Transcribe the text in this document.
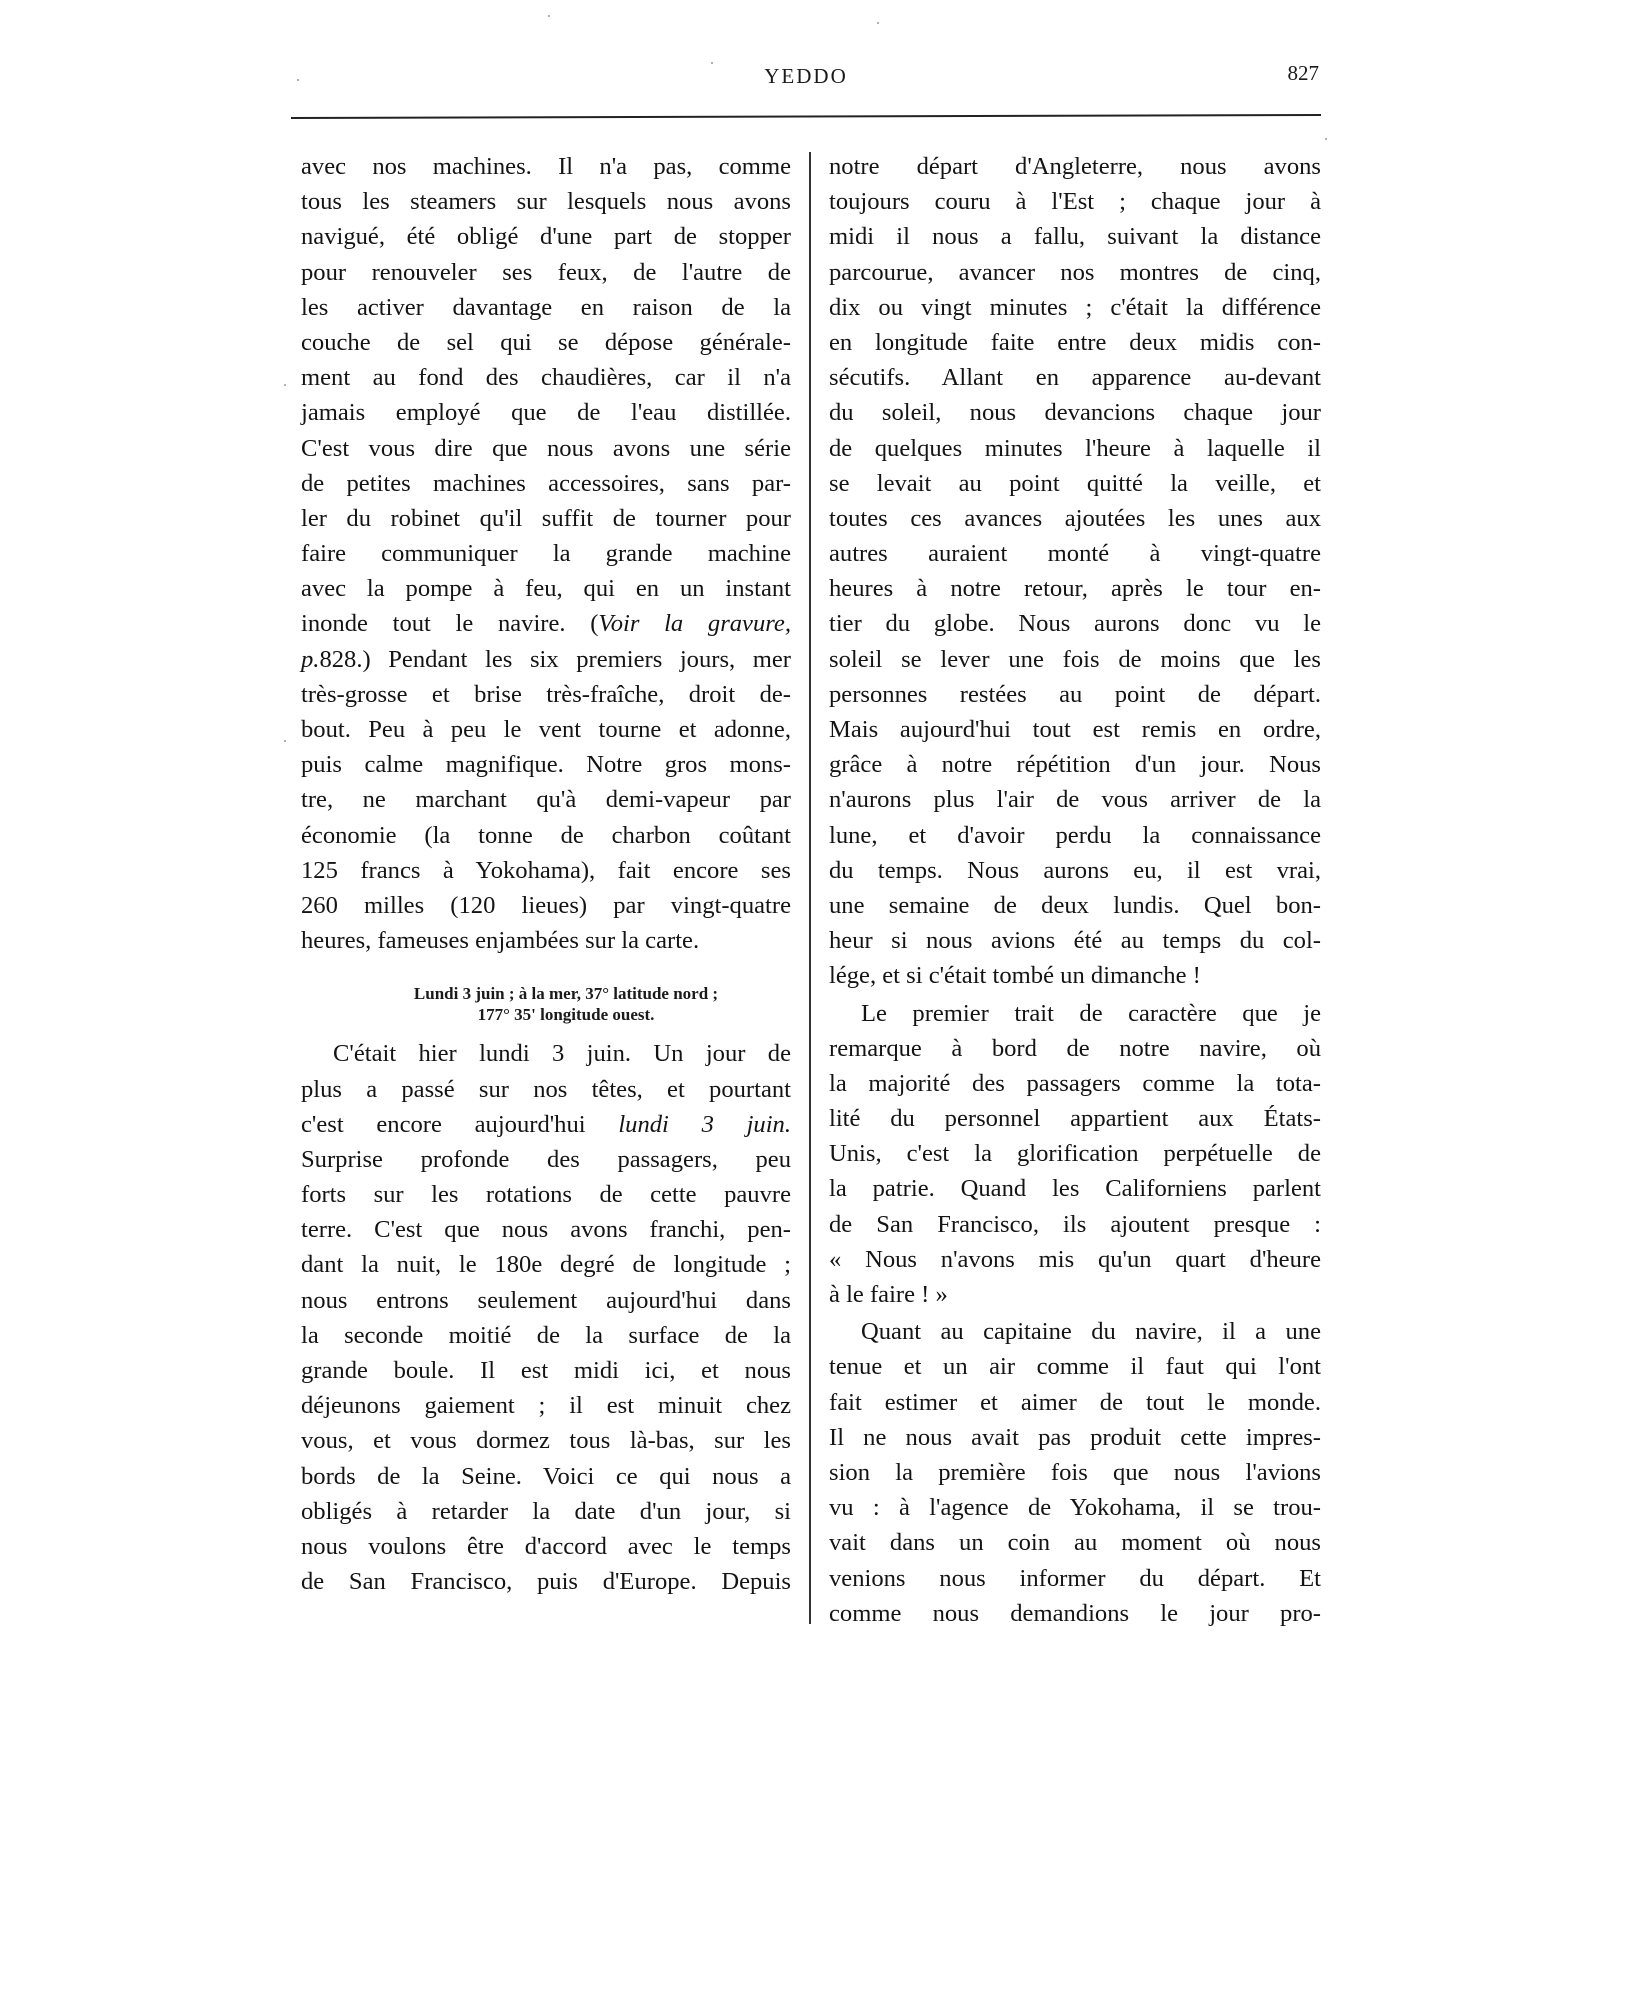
YEDDO	827
avec nos machines. Il n'a pas, comme
tous les steamers sur lesquels nous avons
navigué, été obligé d'une part de stopper
pour renouveler ses feux, de l'autre de
les activer davantage en raison de la
couche de sel qui se dépose générale-
ment au fond des chaudières, car il n'a
jamais employé que de l'eau distillée.
C'est vous dire que nous avons une série
de petites machines accessoires, sans par-
ler du robinet qu'il suffit de tourner pour
faire communiquer la grande machine
avec la pompe à feu, qui en un instant
inonde tout le navire. (Voir la gravure,
p.828.) Pendant les six premiers jours, mer
très-grosse et brise très-fraîche, droit de-
bout. Peu à peu le vent tourne et adonne,
puis calme magnifique. Notre gros mons-
tre, ne marchant qu'à demi-vapeur par
économie (la tonne de charbon coûtant
125 francs à Yokohama), fait encore ses
260 milles (120 lieues) par vingt-quatre
heures, fameuses enjambées sur la carte.
Lundi 3 juin ; à la mer, 37° latitude nord ;
177° 35' longitude ouest.
C'était hier lundi 3 juin. Un jour de
plus a passé sur nos têtes, et pourtant
c'est encore aujourd'hui lundi 3 juin.
Surprise profonde des passagers, peu
forts sur les rotations de cette pauvre
terre. C'est que nous avons franchi, pen-
dant la nuit, le 180e degré de longitude ;
nous entrons seulement aujourd'hui dans
la seconde moitié de la surface de la
grande boule. Il est midi ici, et nous
déjeunons gaiement ; il est minuit chez
vous, et vous dormez tous là-bas, sur les
bords de la Seine. Voici ce qui nous a
obligés à retarder la date d'un jour, si
nous voulons être d'accord avec le temps
de San Francisco, puis d'Europe. Depuis
notre départ d'Angleterre, nous avons
toujours couru à l'Est ; chaque jour à
midi il nous a fallu, suivant la distance
parcourue, avancer nos montres de cinq,
dix ou vingt minutes ; c'était la différence
en longitude faite entre deux midis con-
sécutifs. Allant en apparence au-devant
du soleil, nous devancions chaque jour
de quelques minutes l'heure à laquelle il
se levait au point quitté la veille, et
toutes ces avances ajoutées les unes aux
autres auraient monté à vingt-quatre
heures à notre retour, après le tour en-
tier du globe. Nous aurons donc vu le
soleil se lever une fois de moins que les
personnes restées au point de départ.
Mais aujourd'hui tout est remis en ordre,
grâce à notre répétition d'un jour. Nous
n'aurons plus l'air de vous arriver de la
lune, et d'avoir perdu la connaissance
du temps. Nous aurons eu, il est vrai,
une semaine de deux lundis. Quel bon-
heur si nous avions été au temps du col-
lége, et si c'était tombé un dimanche !
Le premier trait de caractère que je
remarque à bord de notre navire, où
la majorité des passagers comme la tota-
lité du personnel appartient aux États-
Unis, c'est la glorification perpétuelle de
la patrie. Quand les Californiens parlent
de San Francisco, ils ajoutent presque :
« Nous n'avons mis qu'un quart d'heure
à le faire ! »
Quant au capitaine du navire, il a une
tenue et un air comme il faut qui l'ont
fait estimer et aimer de tout le monde.
Il ne nous avait pas produit cette impres-
sion la première fois que nous l'avions
vu : à l'agence de Yokohama, il se trou-
vait dans un coin au moment où nous
venions nous informer du départ. Et
comme nous demandions le jour pro-
